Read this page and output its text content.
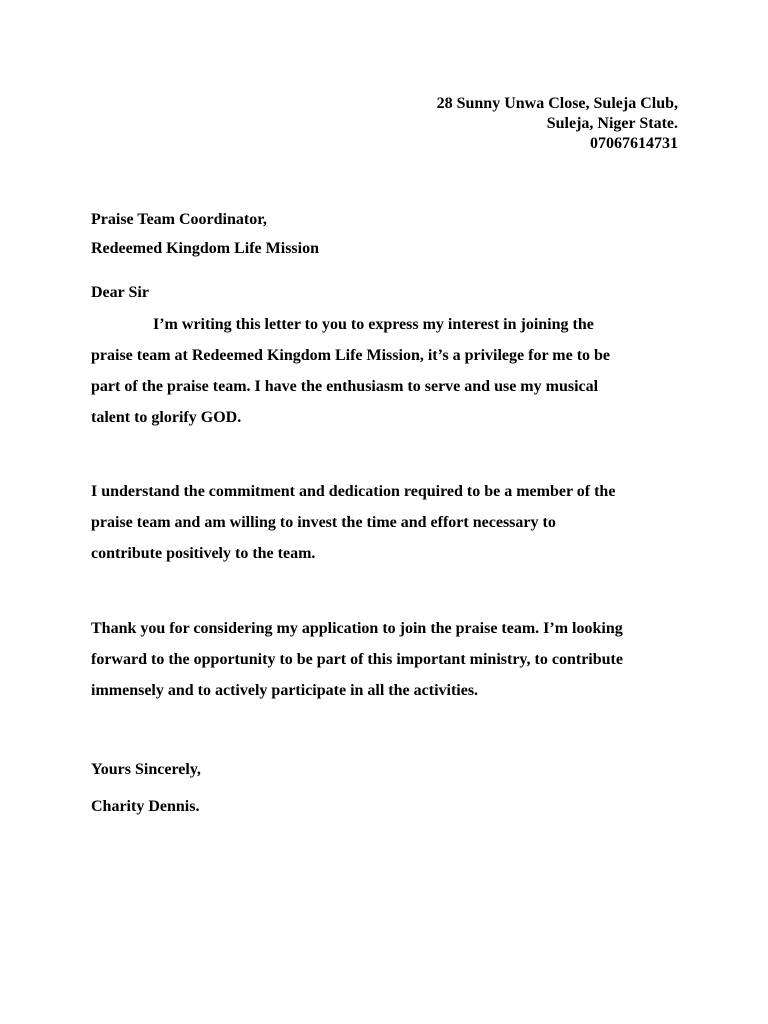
28 Sunny Unwa Close, Suleja Club,
Suleja, Niger State.
07067614731
Praise Team Coordinator,
Redeemed Kingdom Life Mission
Dear Sir
I’m writing this letter to you to express my interest in joining the
praise team at Redeemed Kingdom Life Mission, it’s a privilege for me to be
part of the praise team. I have the enthusiasm to serve and use my musical
talent to glorify GOD.
I understand the commitment and dedication required to be a member of the
praise team and am willing to invest the time and effort necessary to
contribute positively to the team.
Thank you for considering my application to join the praise team. I’m looking
forward to the opportunity to be part of this important ministry, to contribute
immensely and to actively participate in all the activities.
Yours Sincerely,
Charity Dennis.
